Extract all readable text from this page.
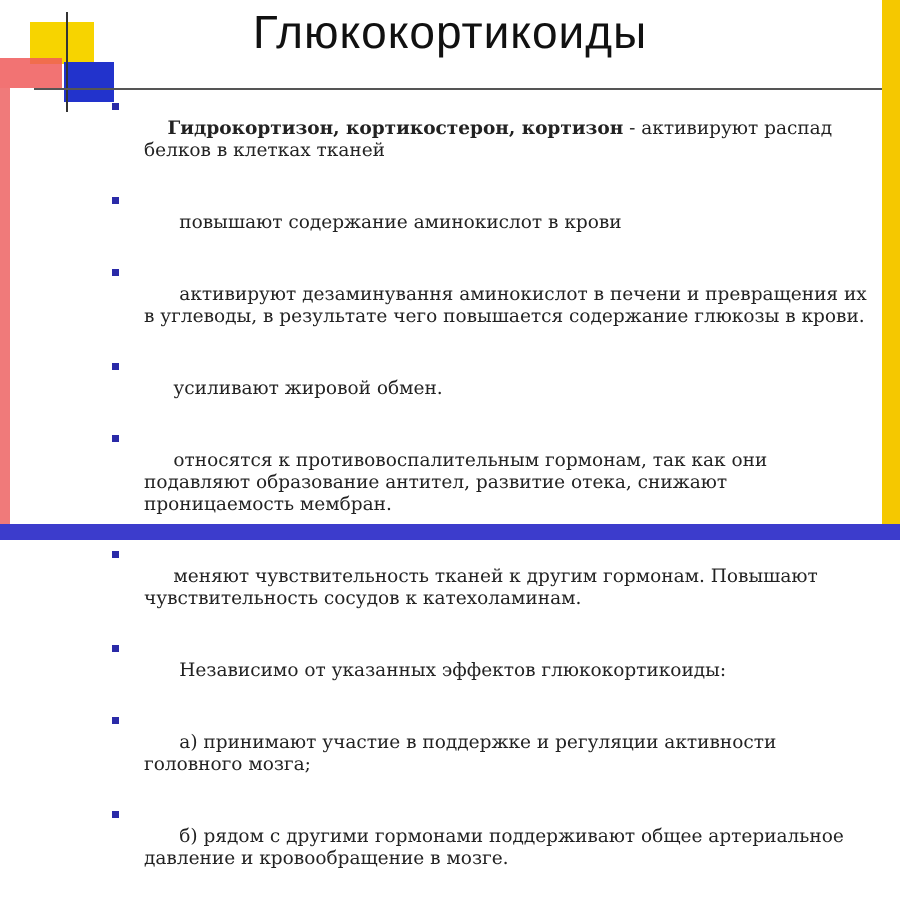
Глюкокортикоиды

Гидрокортизон, кортикостерон, кортизон - активируют распад белков в клетках тканей

повышают содержание аминокислот в крови

активируют дезаминування аминокислот в печени и превращения их в углеводы, в результате чего повышается содержание глюкозы в крови.

усиливают жировой обмен.

относятся к противовоспалительным гормонам, так как они подавляют образование антител, развитие отека, снижают проницаемость мембран.

меняют чувствительность тканей к другим гормонам. Повышают чувствительность сосудов к катехоламинам.

Независимо от указанных эффектов глюкокортикоиды:

а) принимают участие в поддержке и регуляции активности головного мозга;

б) рядом с другими гормонами поддерживают общее артериальное давление и кровообращение в мозге.
